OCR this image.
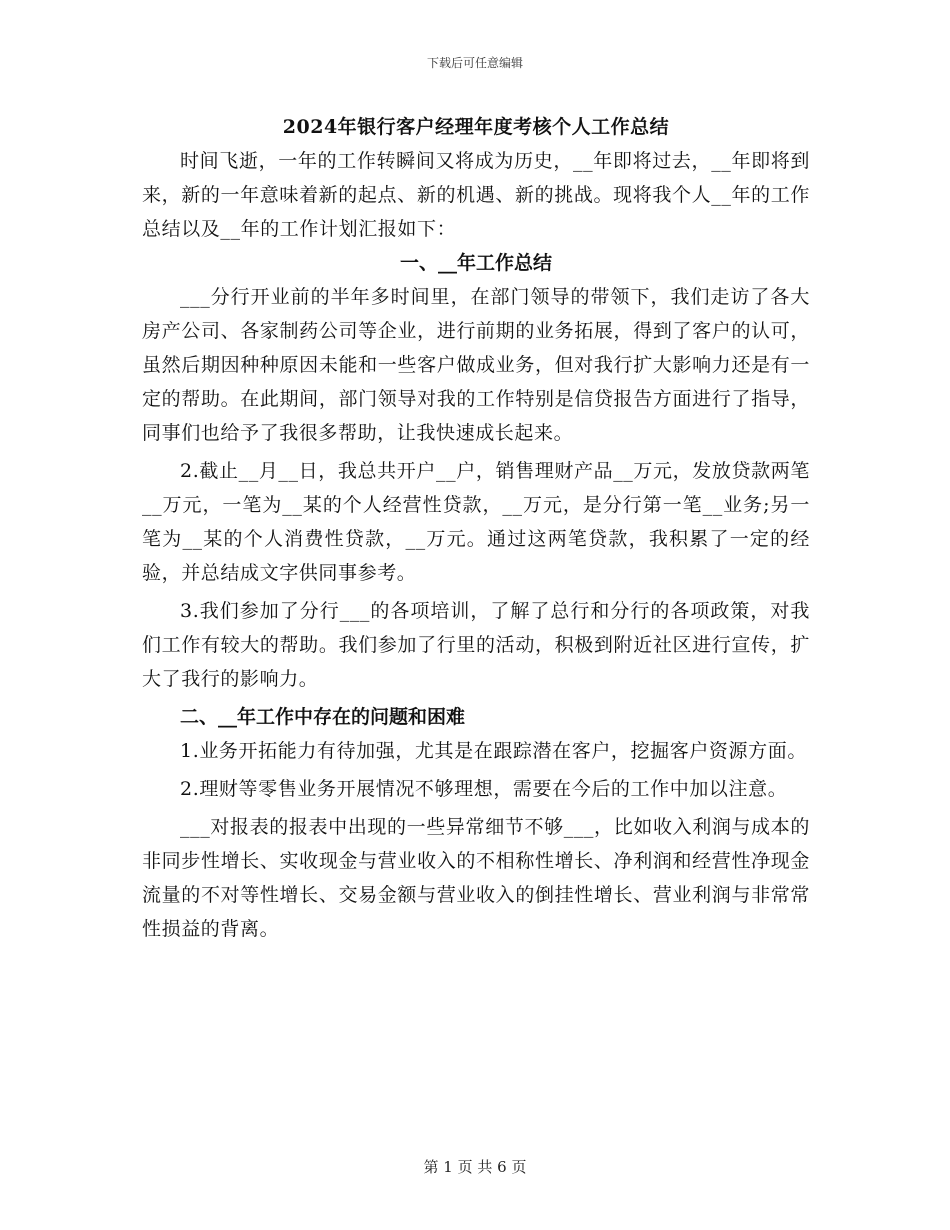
下载后可任意编辑
2024年银行客户经理年度考核个人工作总结

时间飞逝，一年的工作转瞬间又将成为历史，__年即将过去，__年即将到来，新的一年意味着新的起点、新的机遇、新的挑战。现将我个人__年的工作总结以及__年的工作计划汇报如下：

一、__年工作总结

___分行开业前的半年多时间里，在部门领导的带领下，我们走访了各大房产公司、各家制药公司等企业，进行前期的业务拓展，得到了客户的认可，虽然后期因种种原因未能和一些客户做成业务，但对我行扩大影响力还是有一定的帮助。在此期间，部门领导对我的工作特别是信贷报告方面进行了指导，同事们也给予了我很多帮助，让我快速成长起来。

2.截止__月__日，我总共开户__户，销售理财产品__万元，发放贷款两笔__万元，一笔为__某的个人经营性贷款，__万元，是分行第一笔__业务;另一笔为__某的个人消费性贷款，__万元。通过这两笔贷款，我积累了一定的经验，并总结成文字供同事参考。

3.我们参加了分行___的各项培训，了解了总行和分行的各项政策，对我们工作有较大的帮助。我们参加了行里的活动，积极到附近社区进行宣传，扩大了我行的影响力。

二、__年工作中存在的问题和困难

1.业务开拓能力有待加强，尤其是在跟踪潜在客户，挖掘客户资源方面。

2.理财等零售业务开展情况不够理想，需要在今后的工作中加以注意。

___对报表的报表中出现的一些异常细节不够___，比如收入利润与成本的非同步性增长、实收现金与营业收入的不相称性增长、净利润和经营性净现金流量的不对等性增长、交易金额与营业收入的倒挂性增长、营业利润与非常常性损益的背离。

第 1 页 共 6 页
